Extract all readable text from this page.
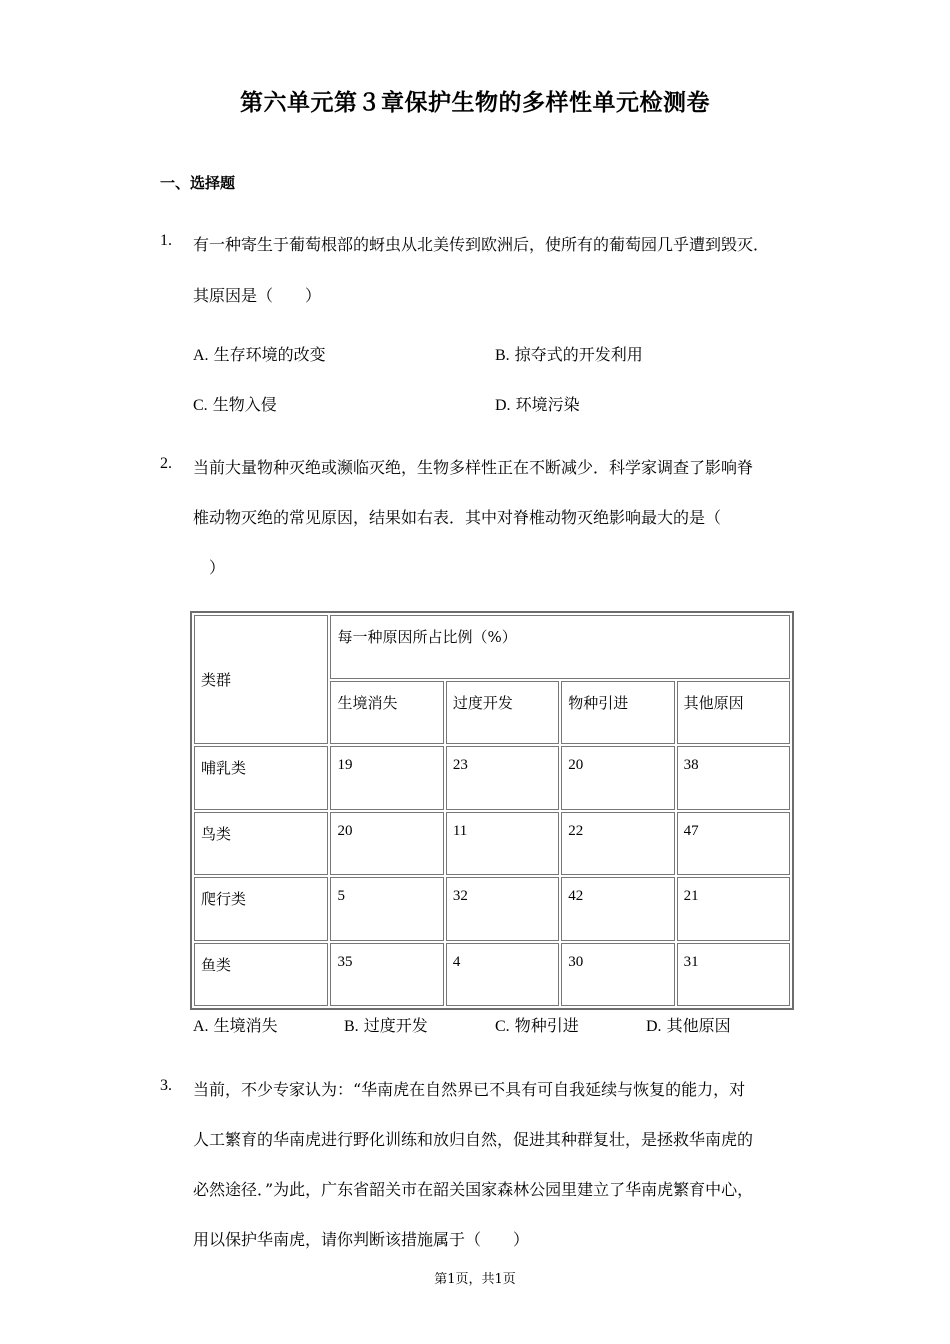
第六单元第３章保护生物的多样性单元检测卷
一、选择题
1. 有一种寄生于葡萄根部的蚜虫从北美传到欧洲后，使所有的葡萄园几乎遭到毁灭．
其原因是（　　）
A. 生存环境的改变	B. 掠夺式的开发利用
C. 生物入侵	D. 环境污染
2. 当前大量物种灭绝或濒临灭绝，生物多样性正在不断减少．科学家调查了影响脊
椎动物灭绝的常见原因，结果如右表．其中对脊椎动物灭绝影响最大的是（
　）
类群	每一种原因所占比例（%）			
	生境消失	过度开发	物种引进	其他原因
哺乳类	19	23	20	38
鸟类	20	11	22	47
爬行类	5	32	42	21
鱼类	35	4	30	31
A. 生境消失	B. 过度开发	C. 物种引进	D. 其他原因
3. 当前，不少专家认为：“华南虎在自然界已不具有可自我延续与恢复的能力，对
人工繁育的华南虎进行野化训练和放归自然，促进其种群复壮，是拯救华南虎的
必然途径．”为此，广东省韶关市在韶关国家森林公园里建立了华南虎繁育中心，
用以保护华南虎，请你判断该措施属于（　　）
第1页，共1页
